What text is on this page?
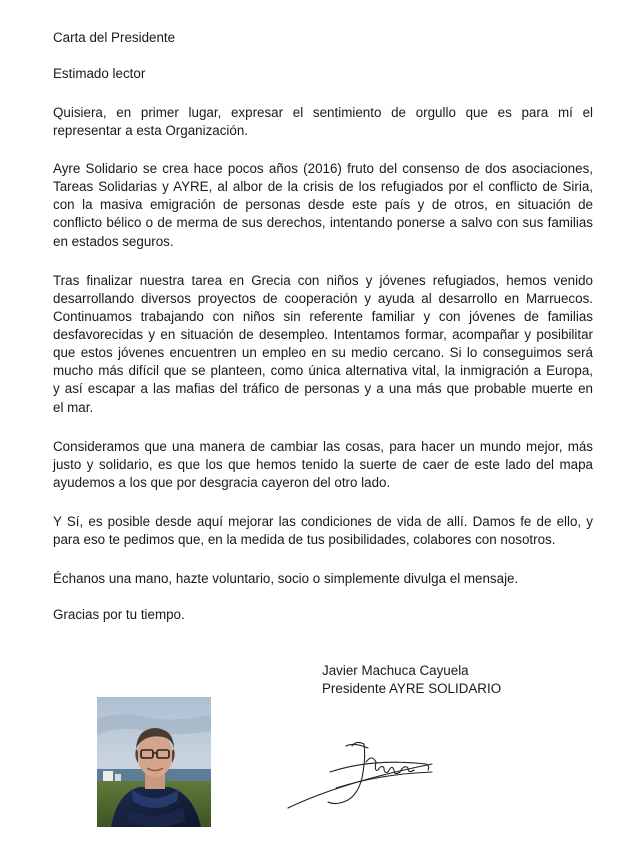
Carta del Presidente
Estimado lector
Quisiera, en primer lugar, expresar el sentimiento de orgullo que es para mí el
representar a esta Organización.
Ayre Solidario se crea hace pocos años (2016) fruto del consenso de dos asociaciones,
Tareas Solidarias y AYRE, al albor de la crisis de los refugiados por el conflicto de Siria,
con la masiva emigración de personas desde este país y de otros, en situación de
conflicto bélico o de merma de sus derechos, intentando ponerse a salvo con sus familias
en estados seguros.
Tras finalizar nuestra tarea en Grecia con niños y jóvenes refugiados, hemos venido
desarrollando diversos proyectos de cooperación y ayuda al desarrollo en Marruecos.
Continuamos trabajando con niños sin referente familiar y con jóvenes de familias
desfavorecidas y en situación de desempleo. Intentamos formar, acompañar y posibilitar
que estos jóvenes encuentren un empleo en su medio cercano. Si lo conseguimos será
mucho más difícil que se planteen, como única alternativa vital, la inmigración a Europa,
y así escapar a las mafias del tráfico de personas y a una más que probable muerte en
el mar.
Consideramos que una manera de cambiar las cosas, para hacer un mundo mejor, más
justo y solidario, es que los que hemos tenido la suerte de caer de este lado del mapa
ayudemos a los que por desgracia cayeron del otro lado.
Y Sí, es posible desde aquí mejorar las condiciones de vida de allí. Damos fe de ello, y
para eso te pedimos que, en la medida de tus posibilidades, colabores con nosotros.
Échanos una mano, hazte voluntario, socio o simplemente divulga el mensaje.
Gracias por tu tiempo.
Javier Machuca Cayuela
Presidente AYRE SOLIDARIO
